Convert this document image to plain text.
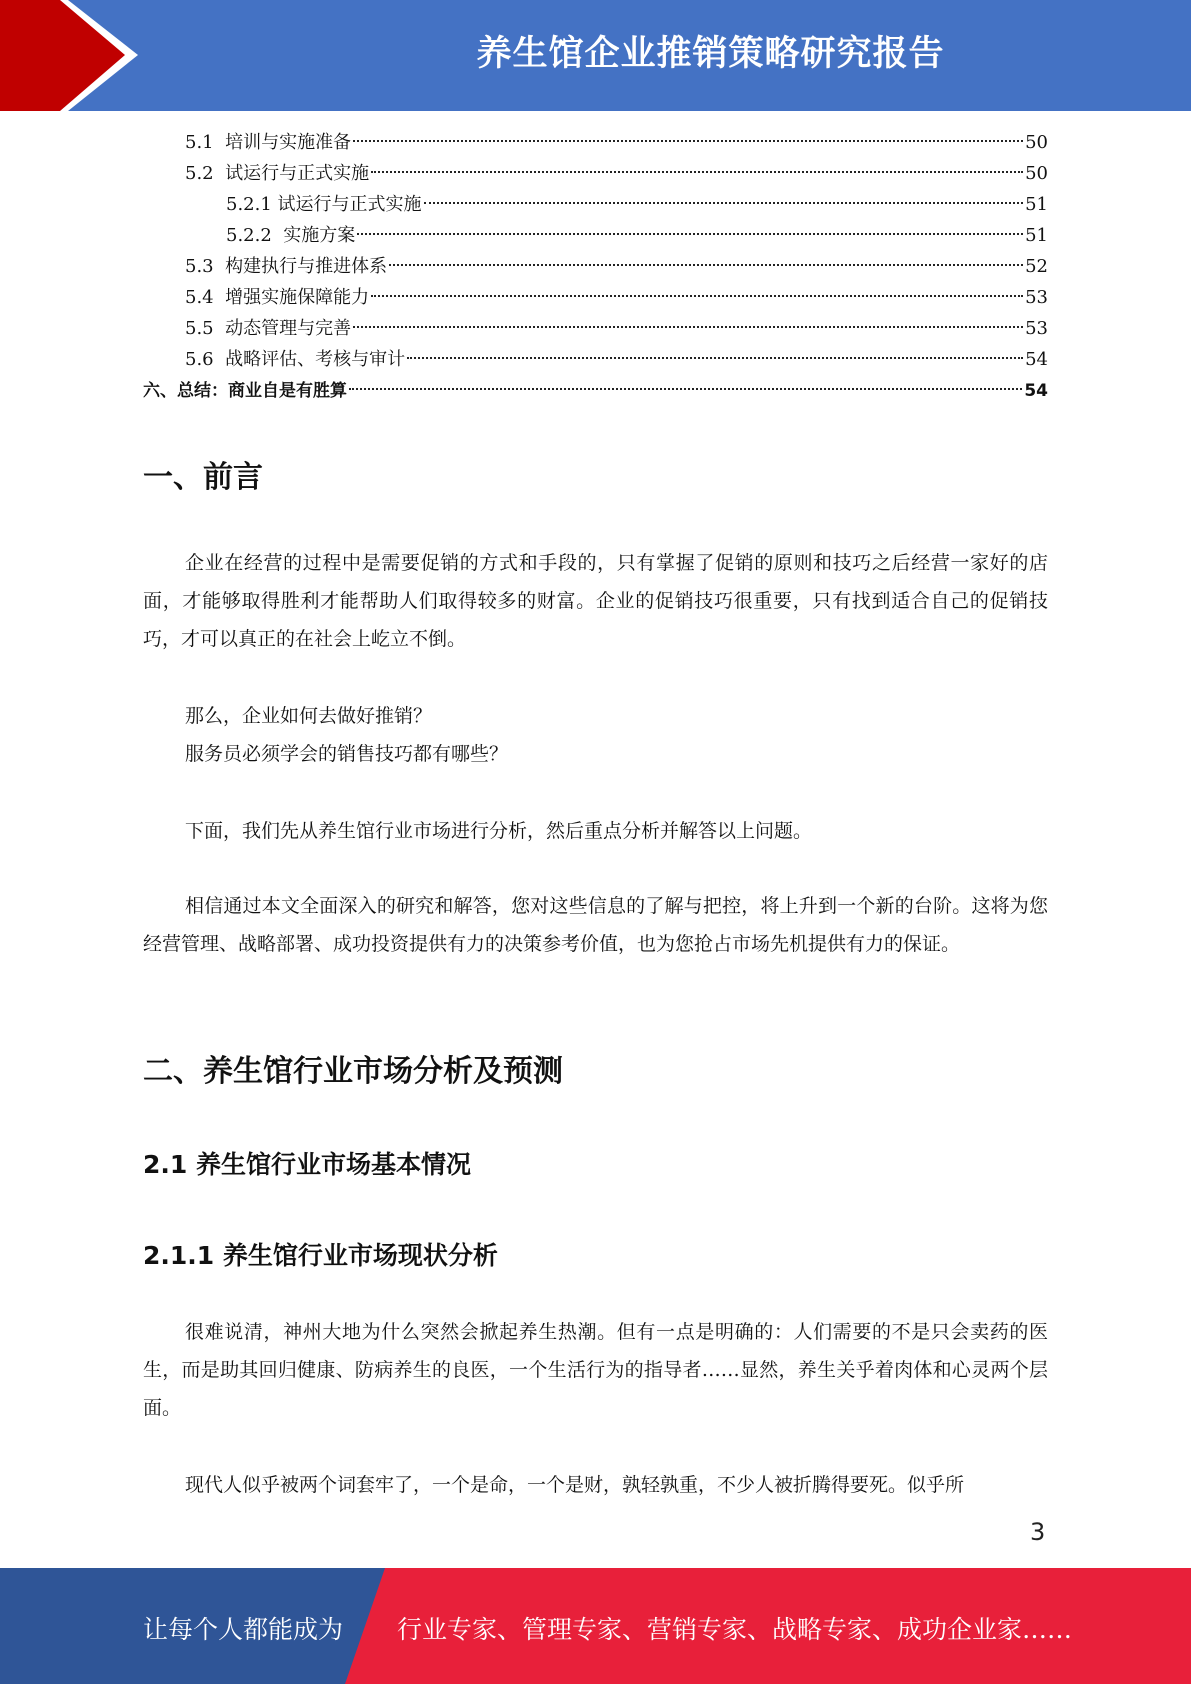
养生馆企业推销策略研究报告
5.1  培训与实施准备	50
5.2  试运行与正式实施	50
5.2.1 试运行与正式实施	51
5.2.2  实施方案	51
5.3  构建执行与推进体系	52
5.4  增强实施保障能力	53
5.5  动态管理与完善	53
5.6  战略评估、考核与审计	54
六、总结：商业自是有胜算	54
一、前言
企业在经营的过程中是需要促销的方式和手段的，只有掌握了促销的原则和技巧之后经营一家好的店面，才能够取得胜利才能帮助人们取得较多的财富。企业的促销技巧很重要，只有找到适合自己的促销技巧，才可以真正的在社会上屹立不倒。
那么，企业如何去做好推销？
服务员必须学会的销售技巧都有哪些？
下面，我们先从养生馆行业市场进行分析，然后重点分析并解答以上问题。
相信通过本文全面深入的研究和解答，您对这些信息的了解与把控，将上升到一个新的台阶。这将为您经营管理、战略部署、成功投资提供有力的决策参考价值，也为您抢占市场先机提供有力的保证。
二、养生馆行业市场分析及预测
2.1 养生馆行业市场基本情况
2.1.1 养生馆行业市场现状分析
很难说清，神州大地为什么突然会掀起养生热潮。但有一点是明确的：人们需要的不是只会卖药的医生，而是助其回归健康、防病养生的良医，一个生活行为的指导者……显然，养生关乎着肉体和心灵两个层面。
现代人似乎被两个词套牢了，一个是命，一个是财，孰轻孰重，不少人被折腾得要死。似乎所
3
让每个人都能成为 行业专家、管理专家、营销专家、战略专家、成功企业家……
